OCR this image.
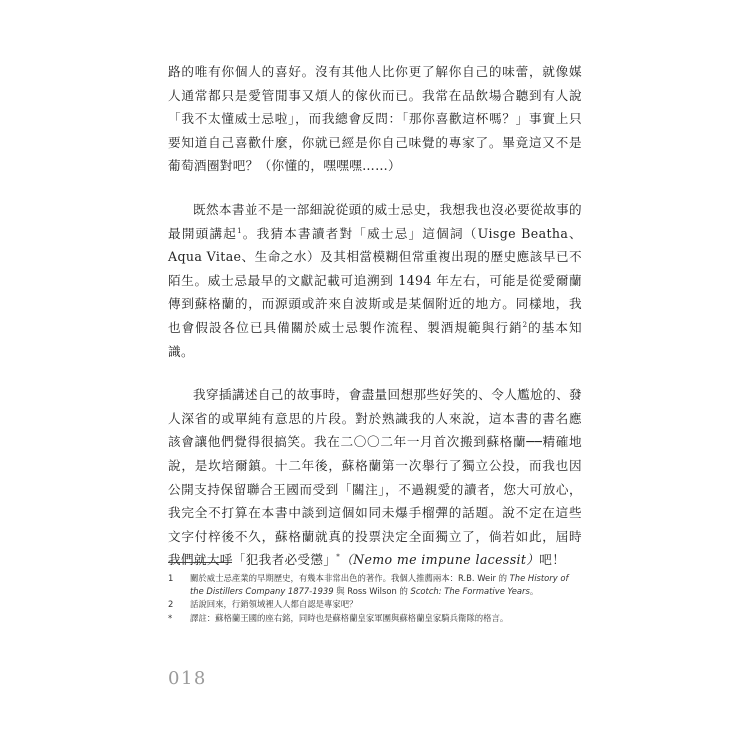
路的唯有你個人的喜好。沒有其他人比你更了解你自己的味蕾，就像媒人通常都只是愛管閒事又煩人的傢伙而已。我常在品飲場合聽到有人說「我不太懂威士忌啦」，而我總會反問：「那你喜歡這杯嗎？」事實上只要知道自己喜歡什麼，你就已經是你自己味覺的專家了。畢竟這又不是葡萄酒圈對吧？（你懂的，嘿嘿嘿……）

既然本書並不是一部細說從頭的威士忌史，我想我也沒必要從故事的最開頭講起$^1$。我猜本書讀者對「威士忌」這個詞（Uisge Beatha、Aqua Vitae、生命之水）及其相當模糊但常重複出現的歷史應該早已不陌生。威士忌最早的文獻記載可追溯到 1494 年左右，可能是從愛爾蘭傳到蘇格蘭的，而源頭或許來自波斯或是某個附近的地方。同樣地，我也會假設各位已具備關於威士忌製作流程、製酒規範與行銷$^2$的基本知識。

我穿插講述自己的故事時，會盡量回想那些好笑的、令人尷尬的、發人深省的或單純有意思的片段。對於熟識我的人來說，這本書的書名應該會讓他們覺得很搞笑。我在二〇〇二年一月首次搬到蘇格蘭──精確地說，是坎培爾鎮。十二年後，蘇格蘭第一次舉行了獨立公投，而我也因公開支持保留聯合王國而受到「關注」，不過親愛的讀者，您大可放心，我完全不打算在本書中談到這個如同未爆手榴彈的話題。說不定在這些文字付梓後不久，蘇格蘭就真的投票決定全面獨立了，倘若如此，屆時我們就大呼「犯我者必受懲」*（Nemo me impune lacessit）吧！

1	關於威士忌產業的早期歷史，有幾本非常出色的著作。我個人推薦兩本：R.B. Weir 的 The History of the Distillers Company 1877-1939 與 Ross Wilson 的 Scotch: The Formative Years。
2	話說回來，行銷領域裡人人都自認是專家吧？
*	譯註：蘇格蘭王國的座右銘，同時也是蘇格蘭皇家軍團與蘇格蘭皇家騎兵衛隊的格言。
018
